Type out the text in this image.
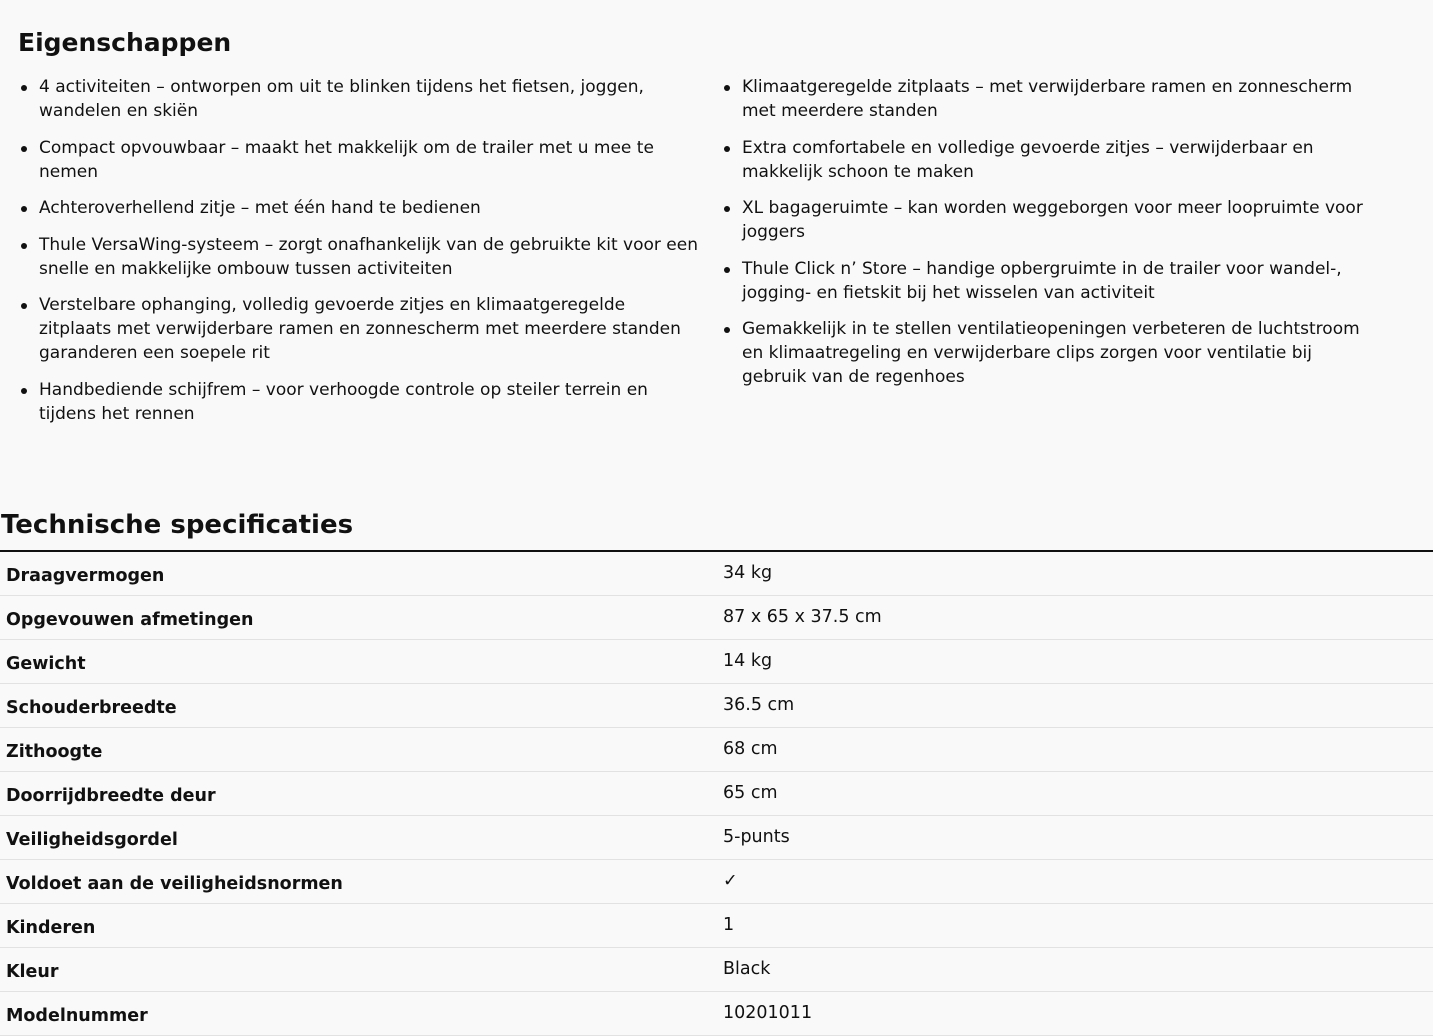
Eigenschappen
4 activiteiten – ontworpen om uit te blinken tijdens het fietsen, joggen, wandelen en skiën
Compact opvouwbaar – maakt het makkelijk om de trailer met u mee te nemen
Achteroverhellend zitje – met één hand te bedienen
Thule VersaWing-systeem – zorgt onafhankelijk van de gebruikte kit voor een snelle en makkelijke ombouw tussen activiteiten
Verstelbare ophanging, volledig gevoerde zitjes en klimaatgeregelde zitplaats met verwijderbare ramen en zonnescherm met meerdere standen garanderen een soepele rit
Handbediende schijfrem – voor verhoogde controle op steiler terrein en tijdens het rennen
Klimaatgeregelde zitplaats – met verwijderbare ramen en zonnescherm met meerdere standen
Extra comfortabele en volledige gevoerde zitjes – verwijderbaar en makkelijk schoon te maken
XL bagageruimte – kan worden weggeborgen voor meer loopruimte voor joggers
Thule Click n’ Store – handige opbergruimte in de trailer voor wandel-, jogging- en fietskit bij het wisselen van activiteit
Gemakkelijk in te stellen ventilatieopeningen verbeteren de luchtstroom en klimaatregeling en verwijderbare clips zorgen voor ventilatie bij gebruik van de regenhoes
Technische specificaties
Draagvermogen	34 kg
Opgevouwen afmetingen	87 x 65 x 37.5 cm
Gewicht	14 kg
Schouderbreedte	36.5 cm
Zithoogte	68 cm
Doorrijdbreedte deur	65 cm
Veiligheidsgordel	5-punts
Voldoet aan de veiligheidsnormen	✓
Kinderen	1
Kleur	Black
Modelnummer	10201011
